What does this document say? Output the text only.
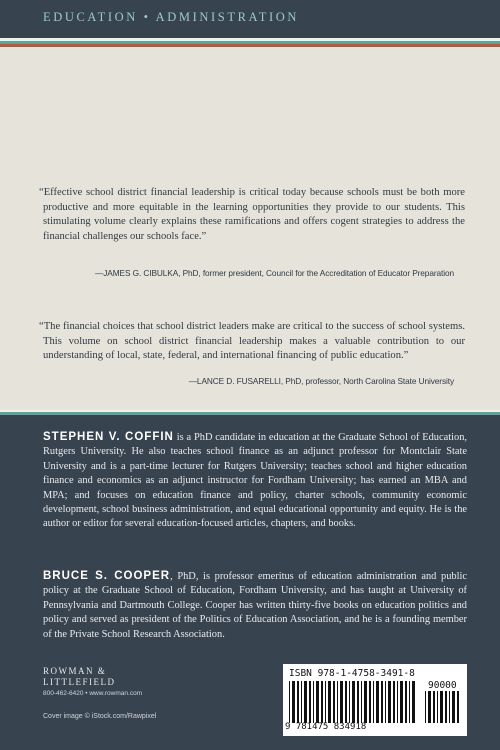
EDUCATION • ADMINISTRATION
“Effective school district financial leadership is critical today because schools must be both more productive and more equitable in the learning opportunities they provide to our students. This stimulating volume clearly explains these ramifications and offers cogent strategies to address the financial challenges our schools face.”
—JAMES G. CIBULKA, PhD, former president, Council for the Accreditation of Educator Preparation
“The financial choices that school district leaders make are critical to the success of school systems. This volume on school district financial leadership makes a valuable contribution to our understanding of local, state, federal, and international financing of public education.”
—LANCE D. FUSARELLI, PhD, professor, North Carolina State University
STEPHEN V. COFFIN is a PhD candidate in education at the Graduate School of Education, Rutgers University. He also teaches school finance as an adjunct professor for Montclair State University and is a part-time lecturer for Rutgers University; teaches school and higher education finance and economics as an adjunct instructor for Fordham University; has earned an MBA and MPA; and focuses on education finance and policy, charter schools, community economic development, school business administration, and equal educational opportunity and equity. He is the author or editor for several education-focused articles, chapters, and books.
BRUCE S. COOPER, PhD, is professor emeritus of education administration and public policy at the Graduate School of Education, Fordham University, and has taught at University of Pennsylvania and Dartmouth College. Cooper has written thirty-five books on education politics and policy and served as president of the Politics of Education Association, and he is a founding member of the Private School Research Association.
ROWMAN &
LITTLEFIELD
800-462-6420 • www.rowman.com
Cover image © iStock.com/Rawpixel
ISBN 978-1-4758-3491-8
90000
9 781475 834918
